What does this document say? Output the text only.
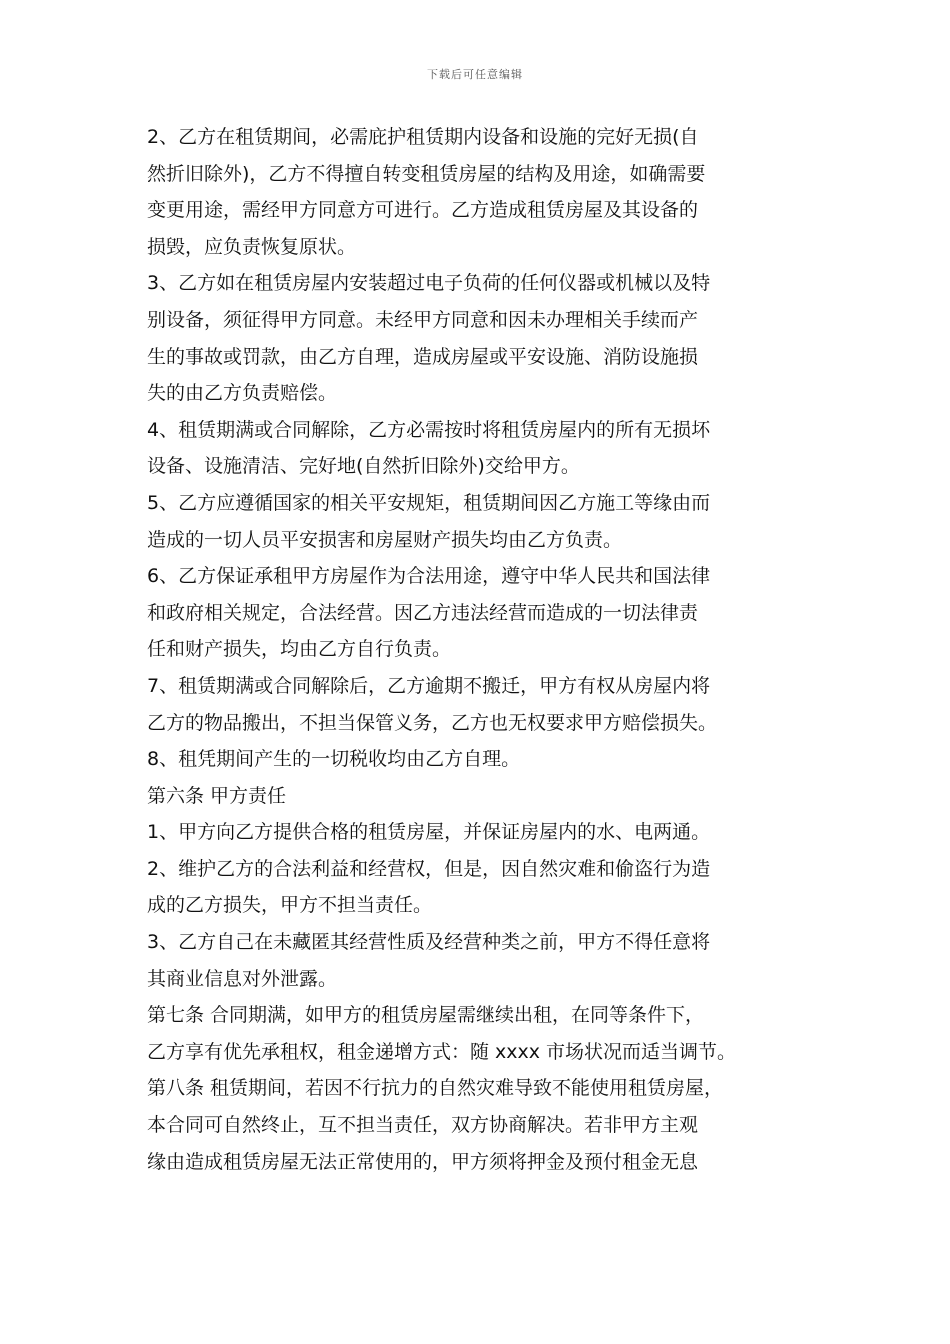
下载后可任意编辑
2、乙方在租赁期间，必需庇护租赁期内设备和设施的完好无损(自
然折旧除外)，乙方不得擅自转变租赁房屋的结构及用途，如确需要
变更用途，需经甲方同意方可进行。乙方造成租赁房屋及其设备的
损毁，应负责恢复原状。
3、乙方如在租赁房屋内安装超过电子负荷的任何仪器或机械以及特
别设备，须征得甲方同意。未经甲方同意和因未办理相关手续而产
生的事故或罚款，由乙方自理，造成房屋或平安设施、消防设施损
失的由乙方负责赔偿。
4、租赁期满或合同解除，乙方必需按时将租赁房屋内的所有无损坏
设备、设施清洁、完好地(自然折旧除外)交给甲方。
5、乙方应遵循国家的相关平安规矩，租赁期间因乙方施工等缘由而
造成的一切人员平安损害和房屋财产损失均由乙方负责。
6、乙方保证承租甲方房屋作为合法用途，遵守中华人民共和国法律
和政府相关规定，合法经营。因乙方违法经营而造成的一切法律责
任和财产损失，均由乙方自行负责。
7、租赁期满或合同解除后，乙方逾期不搬迁，甲方有权从房屋内将
乙方的物品搬出，不担当保管义务，乙方也无权要求甲方赔偿损失。
8、租凭期间产生的一切税收均由乙方自理。
第六条 甲方责任
1、甲方向乙方提供合格的租赁房屋，并保证房屋内的水、电两通。
2、维护乙方的合法利益和经营权，但是，因自然灾难和偷盗行为造
成的乙方损失，甲方不担当责任。
3、乙方自己在未藏匿其经营性质及经营种类之前，甲方不得任意将
其商业信息对外泄露。
第七条 合同期满，如甲方的租赁房屋需继续出租，在同等条件下，
乙方享有优先承租权，租金递增方式：随 xxxx 市场状况而适当调节。
第八条 租赁期间，若因不行抗力的自然灾难导致不能使用租赁房屋，
本合同可自然终止，互不担当责任，双方协商解决。若非甲方主观
缘由造成租赁房屋无法正常使用的，甲方须将押金及预付租金无息
